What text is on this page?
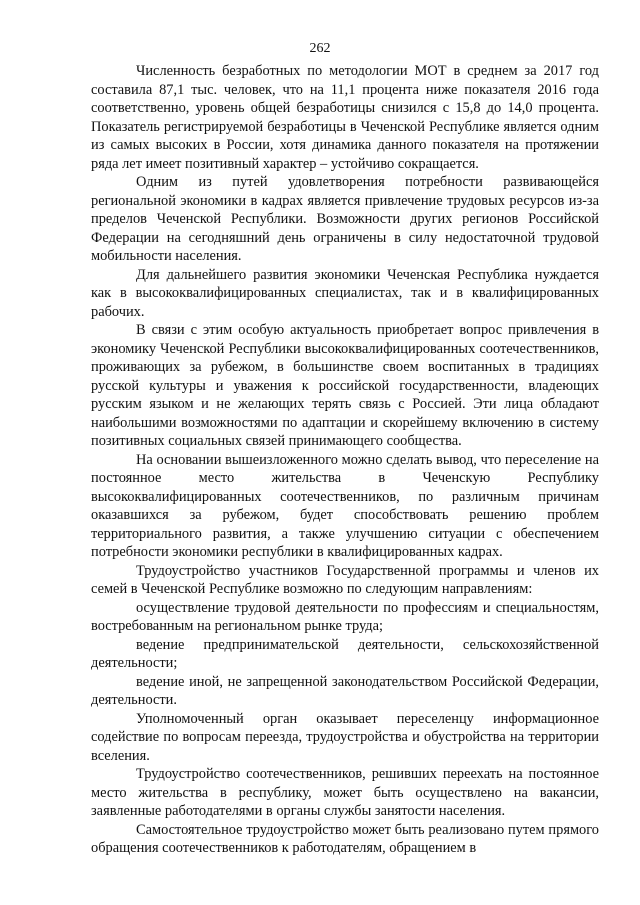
262

Численность безработных по методологии МОТ в среднем за 2017 год составила 87,1 тыс. человек, что на 11,1 процента ниже показателя 2016 года соответственно, уровень общей безработицы снизился с 15,8 до 14,0 процента. Показатель регистрируемой безработицы в Чеченской Республике является одним из самых высоких в России, хотя динамика данного показателя на протяжении ряда лет имеет позитивный характер – устойчиво сокращается.

Одним из путей удовлетворения потребности развивающейся региональной экономики в кадрах является привлечение трудовых ресурсов из-за пределов Чеченской Республики. Возможности других регионов Российской Федерации на сегодняшний день ограничены в силу недостаточной трудовой мобильности населения.

Для дальнейшего развития экономики Чеченская Республика нуждается как в высококвалифицированных специалистах, так и в квалифицированных рабочих.

В связи с этим особую актуальность приобретает вопрос привлечения в экономику Чеченской Республики высококвалифицированных соотечественников, проживающих за рубежом, в большинстве своем воспитанных в традициях русской культуры и уважения к российской государственности, владеющих русским языком и не желающих терять связь с Россией. Эти лица обладают наибольшими возможностями по адаптации и скорейшему включению в систему позитивных социальных связей принимающего сообщества.

На основании вышеизложенного можно сделать вывод, что переселение на постоянное место жительства в Чеченскую Республику высококвалифицированных соотечественников, по различным причинам оказавшихся за рубежом, будет способствовать решению проблем территориального развития, а также улучшению ситуации с обеспечением потребности экономики республики в квалифицированных кадрах.

Трудоустройство участников Государственной программы и членов их семей в Чеченской Республике возможно по следующим направлениям:

осуществление трудовой деятельности по профессиям и специальностям, востребованным на региональном рынке труда;

ведение предпринимательской деятельности, сельскохозяйственной деятельности;

ведение иной, не запрещенной законодательством Российской Федерации, деятельности.

Уполномоченный орган оказывает переселенцу информационное содействие по вопросам переезда, трудоустройства и обустройства на территории вселения.

Трудоустройство соотечественников, решивших переехать на постоянное место жительства в республику, может быть осуществлено на вакансии, заявленные работодателями в органы службы занятости населения.

Самостоятельное трудоустройство может быть реализовано путем прямого обращения соотечественников к работодателям, обращением в
